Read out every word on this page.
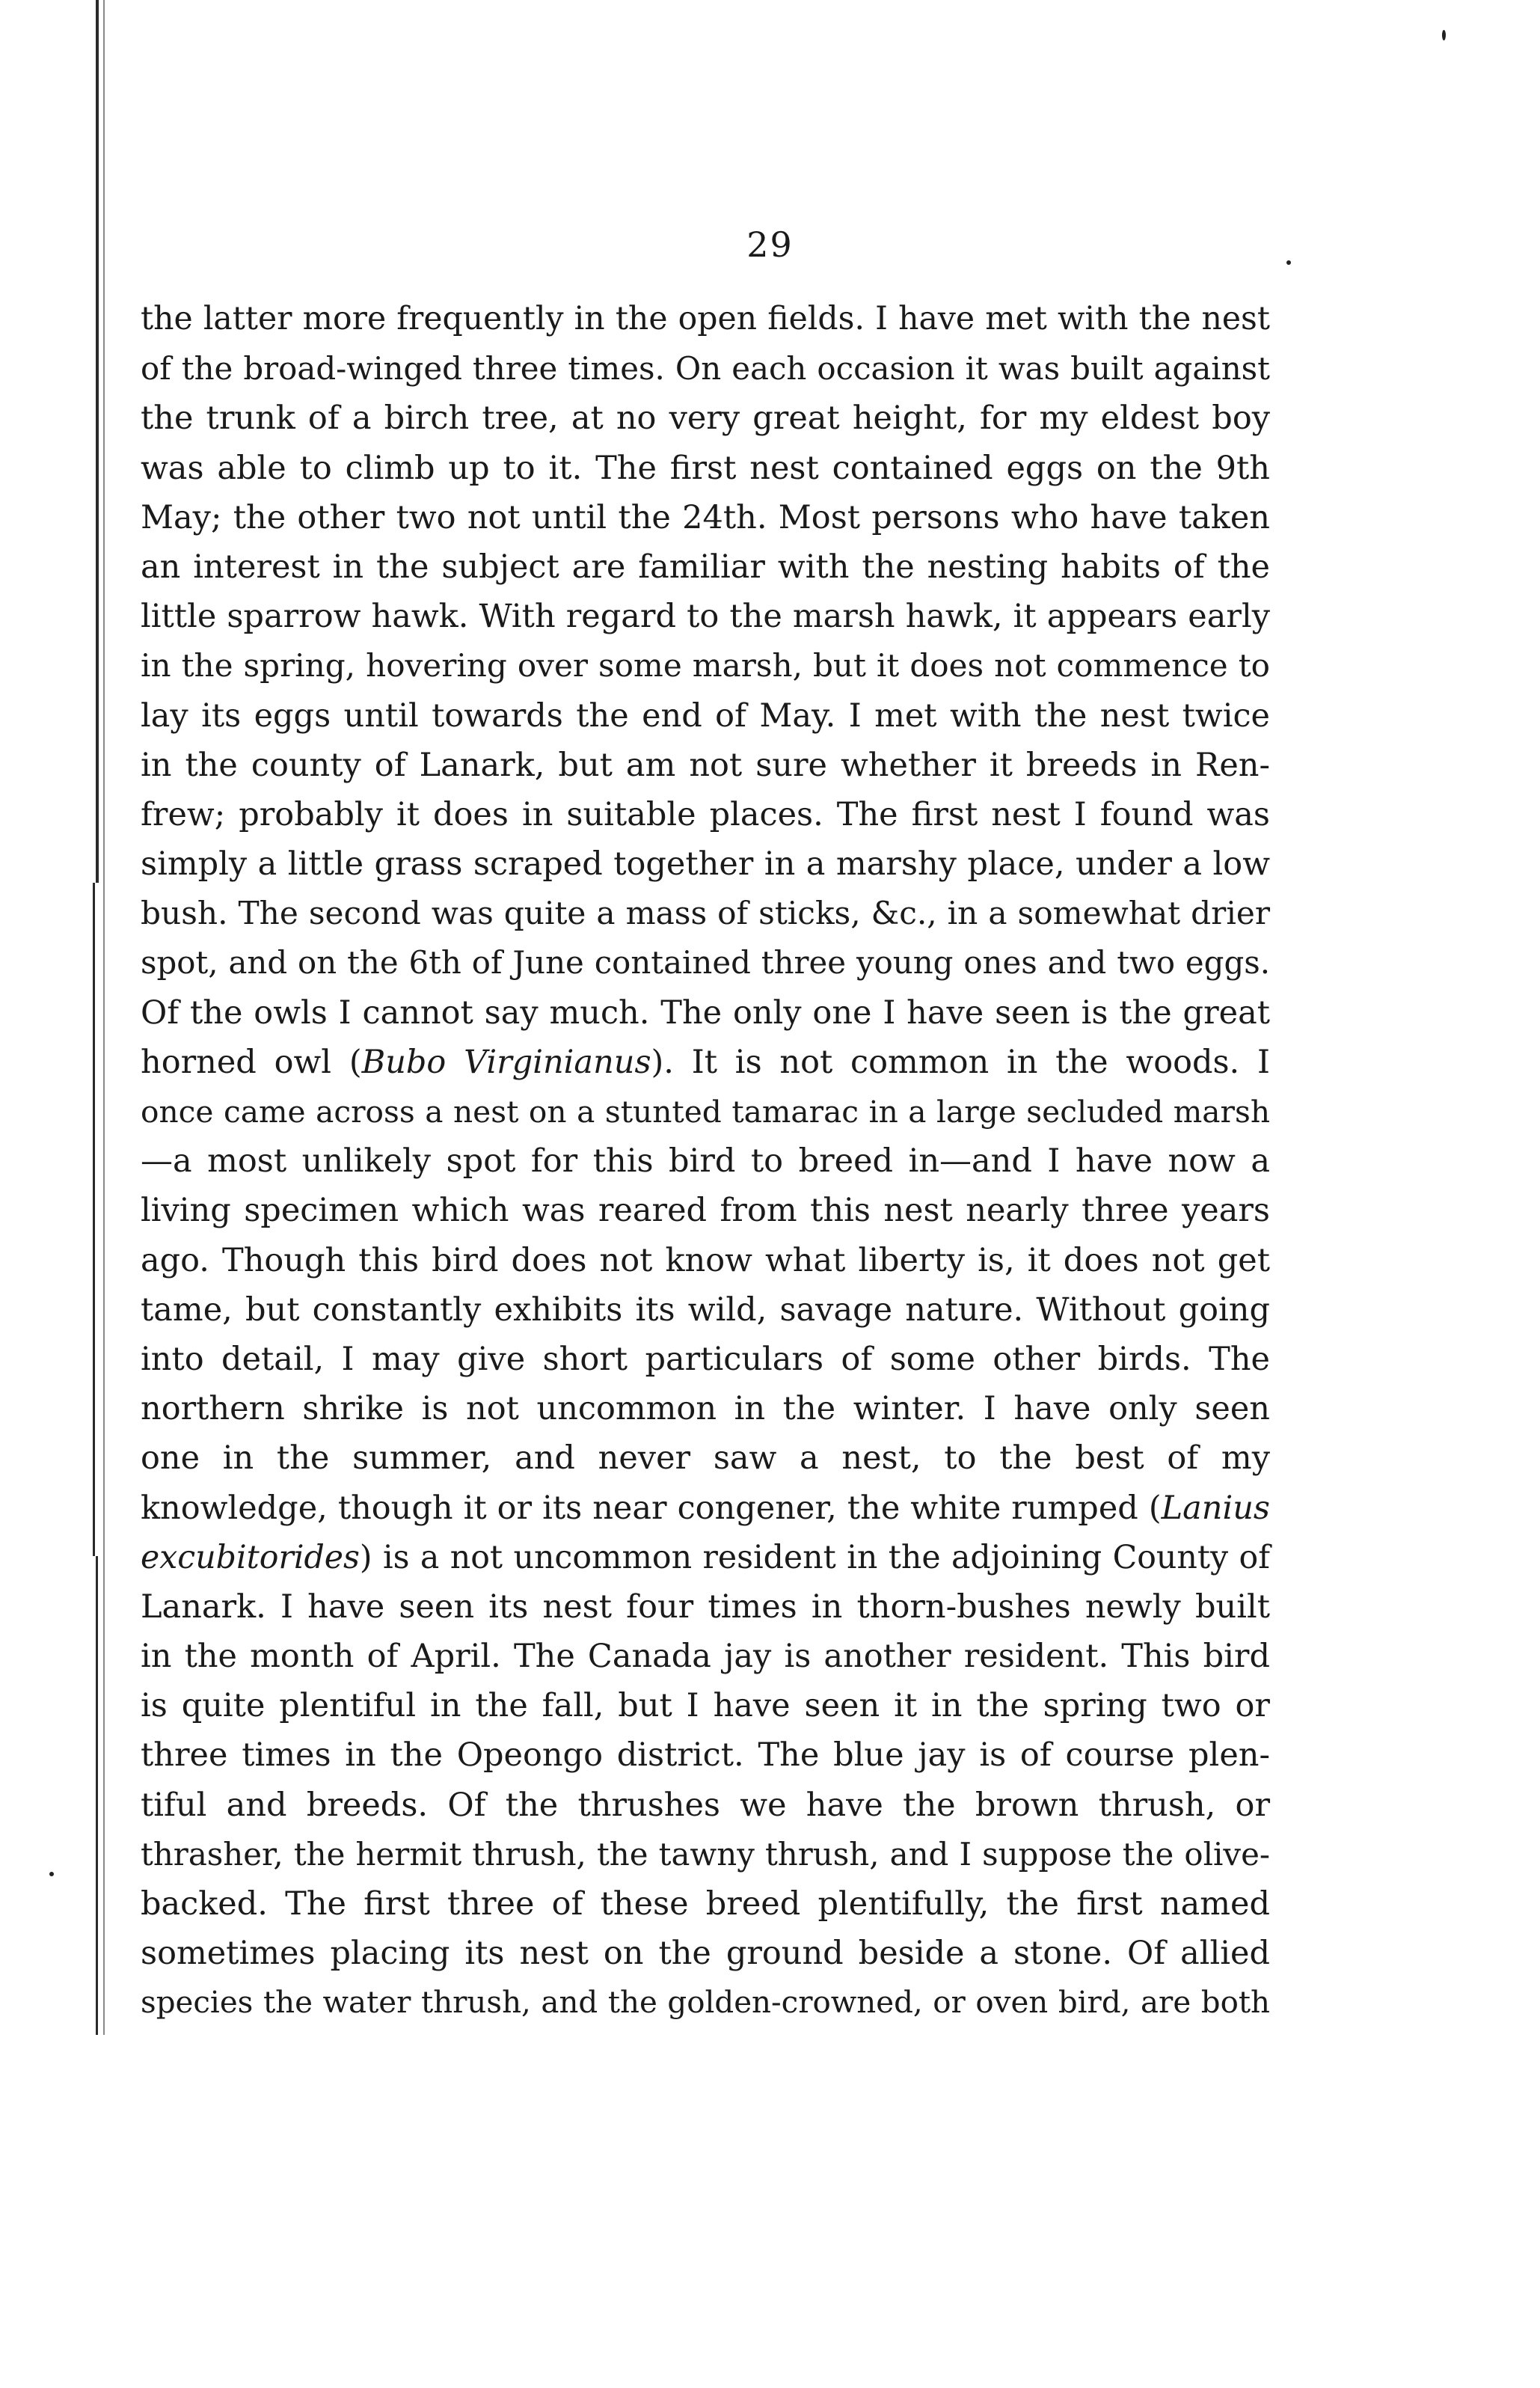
29
the latter more frequently in the open fields. I have met with the nest
of the broad-winged three times. On each occasion it was built against
the trunk of a birch tree, at no very great height, for my eldest boy
was able to climb up to it. The first nest contained eggs on the 9th
May; the other two not until the 24th. Most persons who have taken
an interest in the subject are familiar with the nesting habits of the
little sparrow hawk. With regard to the marsh hawk, it appears early
in the spring, hovering over some marsh, but it does not commence to
lay its eggs until towards the end of May. I met with the nest twice
in the county of Lanark, but am not sure whether it breeds in Ren-
frew; probably it does in suitable places. The first nest I found was
simply a little grass scraped together in a marshy place, under a low
bush. The second was quite a mass of sticks, &c., in a somewhat drier
spot, and on the 6th of June contained three young ones and two eggs.
Of the owls I cannot say much. The only one I have seen is the great
horned owl (Bubo Virginianus). It is not common in the woods. I
once came across a nest on a stunted tamarac in a large secluded marsh
—a most unlikely spot for this bird to breed in—and I have now a
living specimen which was reared from this nest nearly three years
ago. Though this bird does not know what liberty is, it does not get
tame, but constantly exhibits its wild, savage nature. Without going
into detail, I may give short particulars of some other birds. The
northern shrike is not uncommon in the winter. I have only seen
one in the summer, and never saw a nest, to the best of my
knowledge, though it or its near congener, the white rumped (Lanius
excubitorides) is a not uncommon resident in the adjoining County of
Lanark. I have seen its nest four times in thorn-bushes newly built
in the month of April. The Canada jay is another resident. This bird
is quite plentiful in the fall, but I have seen it in the spring two or
three times in the Opeongo district. The blue jay is of course plen-
tiful and breeds. Of the thrushes we have the brown thrush, or
thrasher, the hermit thrush, the tawny thrush, and I suppose the olive-
backed. The first three of these breed plentifully, the first named
sometimes placing its nest on the ground beside a stone. Of allied
species the water thrush, and the golden-crowned, or oven bird, are both
